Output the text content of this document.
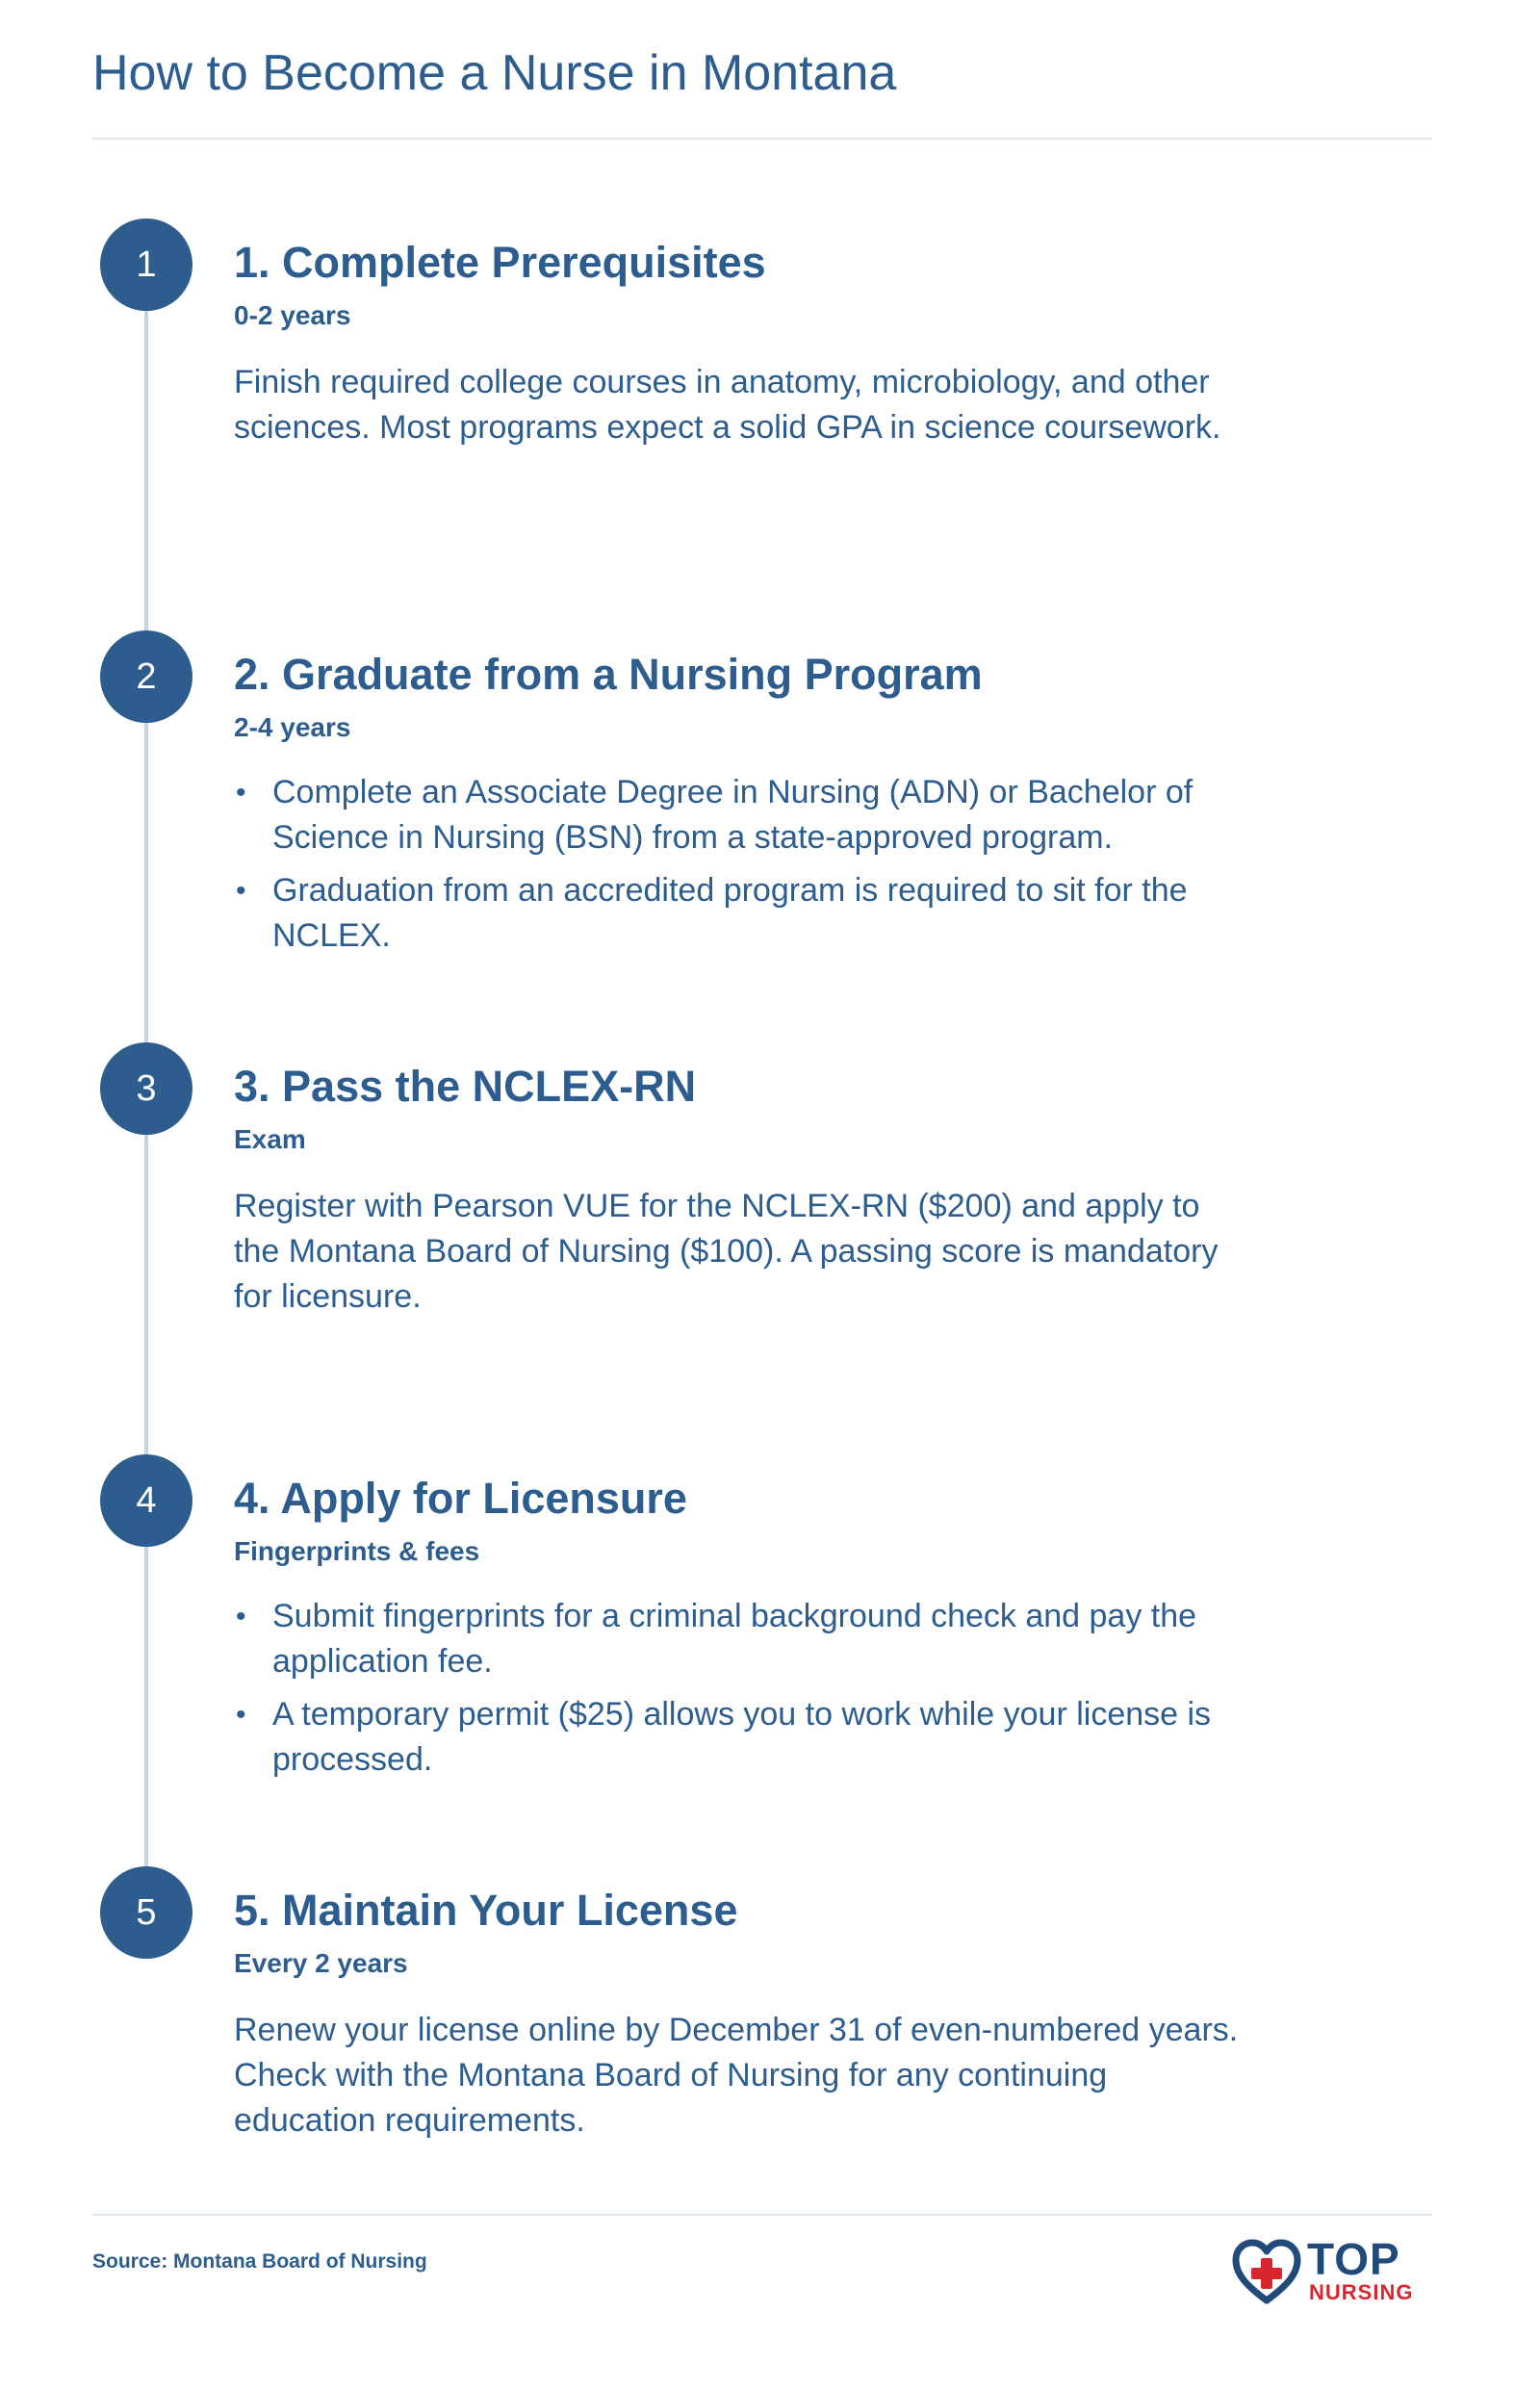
How to Become a Nurse in Montana
1	1. Complete Prerequisites
0-2 years

Finish required college courses in anatomy, microbiology, and other sciences. Most programs expect a solid GPA in science coursework.

2	2. Graduate from a Nursing Program
2-4 years
• Complete an Associate Degree in Nursing (ADN) or Bachelor of Science in Nursing (BSN) from a state-approved program.
• Graduation from an accredited program is required to sit for the NCLEX.
3	3. Pass the NCLEX-RN
Exam

Register with Pearson VUE for the NCLEX-RN ($200) and apply to the Montana Board of Nursing ($100). A passing score is mandatory for licensure.

4	4. Apply for Licensure
Fingerprints & fees
• Submit fingerprints for a criminal background check and pay the application fee.
• A temporary permit ($25) allows you to work while your license is processed.
5	5. Maintain Your License
Every 2 years

Renew your license online by December 31 of even-numbered years. Check with the Montana Board of Nursing for any continuing education requirements.

Source: Montana Board of Nursing	TOP
NURSING
